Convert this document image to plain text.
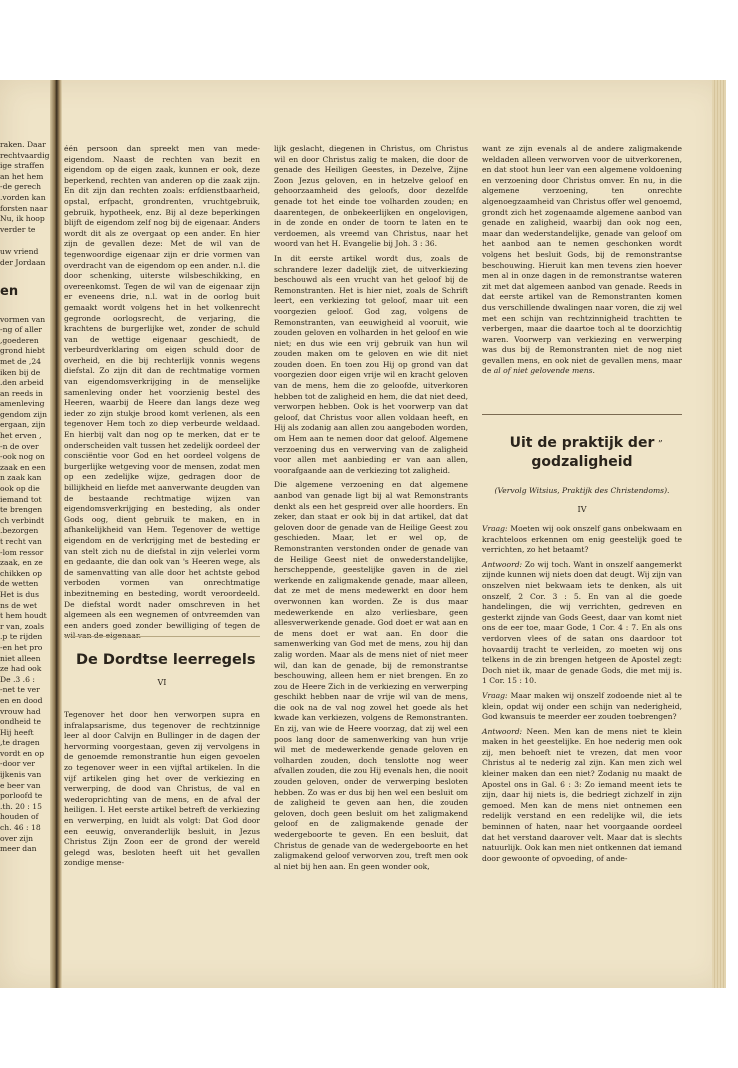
raken. Daar
rechtvaardig
ige straffen
an het hem
de gerech-
vorden kan.
forsten naar
Nu, ik hoop
verder te
uw vriend
der Jordaan
en
vormen van
ng of aller-
goederen,
grond hiebt
24, met de
iken bij de
den arbeid.
an reeds in
amenleving
gendom zijn
ergaan, zijn
, het erven
n de over-
ook nog on-
zaak en een
n zaak kan
ook op die
iemand tot
te brengen
ch verbindt
bezorgen.
t recht van
lom ressor-
zaak, en ze
chikken op
de wetten
Het is dus
ns de wet
t hem houdt
r van, zoals
p te rijden.
en het pro-
niet alleen
ze had ook
: 6. 3. De
net te ver-
en en dood
vrouw had
ondheid te
Hij heeft
te dragen,
vordt en op
door ver-
ijkenis van
e beer van
porloofd te
th. 20 : 15.
houden of
ch. 46 : 18
over zijn
meer dan

één persoon dan spreekt men van mede-eigendom. Naast de rechten van bezit en eigendom op de eigen zaak, kunnen er ook, deze beperkend, rechten van anderen op die zaak zijn. En dit zijn dan rechten zoals: erfdienstbaarheid, opstal, erfpacht, grondrenten, vruchtgebruik, gebruik, hypotheek, enz. Bij al deze beperkingen blijft de eigendom zelf nog bij de eigenaar. Anders wordt dit als ze overgaat op een ander. En hier zijn de gevallen deze: Met de wil van de tegenwoordige eigenaar zijn er drie vormen van overdracht van de eigendom op een ander. n.l. die door schenking, uiterste wilsbeschikking, en overeenkomst. Tegen de wil van de eigenaar zijn er eveneens drie, n.l. wat in de oorlog buit gemaakt wordt volgens het in het volkenrecht gegronde oorlogsrecht, de verjaring, die krachtens de burgerlijke wet, zonder de schuld van de wettige eigenaar geschiedt, de verbeurdverklaring om eigen schuld door de overheid, en die bij rechterlijk vonnis wegens diefstal. Zo zijn dit dan de rechtmatige vormen van eigendomsverkrijging in de menselijke samenleving onder het voorzienig bestel des Heeren, waarbij de Heere dan langs deze weg ieder zo zijn stukje brood komt verlenen, als een tegenover Hem toch zo diep verbeurde weldaad. En hierbij valt dan nog op te merken, dat er te onderscheiden valt tussen het zedelijk oordeel der consciëntie voor God en het oordeel volgens de burgerlijke wetgeving voor de mensen, zodat men op een zedelijke wijze, gedragen door de billijkheid en liefde met aanverwante deugden van de bestaande rechtmatige wijzen van eigendomsverkrijging en besteding, als onder Gods oog, dient gebruik te maken, en in afhankelijkheid van Hem. Tegenover de wettige eigendom en de verkrijging met de besteding er van stelt zich nu de diefstal in zijn velerlei vorm en gedaante, die dan ook van 's Heeren wege, als de samenvatting van alle door het achtste gebod verboden vormen van onrechtmatige inbezitneming en besteding, wordt veroordeeld. De diefstal wordt nader omschreven in het algemeen als een wegnemen of ontvreemden van een anders goed zonder bewilliging of tegen de

De Dordtse leerregels
VI

Tegenover het door hen verworpen supra en infralapsarisme, dus tegenover de rechtzinnige leer al door Calvijn en Bullinger in de dagen der hervorming voorgestaan, geven zij vervolgens in de genoemde remonstrantie hun eigen gevoelen zo tegenover weer in een vijftal artikelen. In die vijf artikelen ging het over de verkiezing en verwerping, de dood van Christus, de val en wederoprichting van de mens, en de afval der heiligen. I. Het eerste artikel betreft de verkiezing en verwerping, en luidt als volgt: Dat God door een eeuwig, onveranderlijk besluit, in Jezus Christus Zijn Zoon eer de grond der wereld gelegd was, besloten heeft uit het gevallen zondige mense-

lijk geslacht, diegenen in Christus, om Christus wil en door Christus zalig te maken, die door de genade des Heiligen Geestes, in Dezelve, Zijne Zoon Jezus geloven, en in hetzelve geloof en gehoorzaamheid des geloofs, door dezelfde genade tot het einde toe volharden zouden; en daarentegen, de onbekeerlijken en ongelovigen, in de zonde en onder de toorn te laten en te verdoemen, als vreemd van Christus, naar het woord van het H. Evangelie bij Joh. 3 : 36.

In dit eerste artikel wordt dus, zoals de schrandere lezer dadelijk ziet, de uitverkiezing beschouwd als een vrucht van het geloof bij de Remonstranten. Het is hier niet, zoals de Schrift leert, een verkiezing tot geloof, maar uit een voorgezien geloof. God zag, volgens de Remonstranten, van eeuwigheid al vooruit, wie zouden geloven en volharden in het geloof en wie niet; en dus wie een vrij gebruik van hun wil zouden maken om te geloven en wie dit niet zouden doen. En toen zou Hij op grond van dat voorgezien door eigen vrije wil en kracht geloven van de mens, hem die zo geloofde, uitverkoren hebben tot de zaligheid en hem, die dat niet deed, verworpen hebben. Ook is het voorwerp van dat geloof, dat Christus voor allen voldaan heeft, en Hij als zodanig aan allen zou aangeboden worden, om Hem aan te nemen door dat geloof. Algemene verzoening dus en verwerving van de zaligheid voor allen met aanbieding er van aan allen, voorafgaande aan de verkiezing tot zaligheid.

Die algemene verzoening en dat algemene aanbod van genade ligt bij al wat Remonstrants denkt als een het gespreid over alle hoorders. En zeker, dan staat er ook bij in dat artikel, dat dat geloven door de genade van de Heilige Geest zou geschieden. Maar, let er wel op, de Remonstranten verstonden onder de genade van de Heilige Geest niet de onwederstandelijke, herscheppende, geestelijke gaven in de ziel werkende en zaligmakende genade, maar alleen, dat ze met de mens medewerkt en door hem overwonnen kan worden. Ze is dus maar medewerkende en alzo verliesbare, geen allesverwerkende genade. God doet er wat aan en de mens doet er wat aan. En door die samenwerking van God met de mens, zou hij dan zalig worden. Maar als de mens niet of niet meer wil, dan kan de genade, bij de remonstrantse beschouwing, alleen hem er niet brengen. En zo zou de Heere Zich in de verkiezing en verwerping geschikt hebben naar de vrije wil van de mens, die ook na de val nog zowel het goede als het kwade kan verkiezen, volgens de Remonstranten. En zij, van wie de Heere voorzag, dat zij wel een poos lang door de samenwerking van hun vrije wil met de medewerkende genade geloven en volharden zouden, doch tenslotte nog weer afvallen zouden, die zou Hij evenals hen, die nooit zouden geloven, onder de verwerping besloten hebben. Zo was er dus bij hen wel een besluit om de zaligheid te geven aan hen, die zouden geloven, doch geen besluit om het zaligmakend geloof en de zaligmakende genade der wedergeboorte te geven. En een besluit, dat Christus de genade van de wedergeboorte en het zaligmakend geloof verworven zou, treft men ook al niet bij hen aan. En geen wonder ook,

want ze zijn evenals al de andere zaligmakende weldaden alleen verworven voor de uitverkorenen, en dat stoot hun leer van een algemene voldoening en verzoening door Christus omver. En nu, in die algemene verzoening, ten onrechte algenoegzaamheid van Christus offer wel genoemd, grondt zich het zogenaamde algemene aanbod van genade en zaligheid, waarbij dan ook nog een, maar dan wederstandelijke, genade van geloof om het aanbod aan te nemen geschonken wordt volgens het besluit Gods, bij de remonstrantse beschouwing. Hieruit kan men tevens zien hoever men al in onze dagen in de remonstrantse wateren zit met dat algemeen aanbod van genade. Reeds in dat eerste artikel van de Remonstranten komen dus verschillende dwalingen naar voren, die zij wel met een schijn van rechtzinnigheid trachtten te verbergen, maar die daartoe toch al te doorzichtig waren. Voorwerp van verkiezing en verwerping was dus bij de Remonstranten niet de nog niet gevallen mens, en ook niet de gevallen mens, maar de al of niet gelovende mens.

Uit de praktijk der godzaligheid
”
(Vervolg Witsius, Praktijk des Christendoms).
IV

Vraag: Moeten wij ook onszelf gans onbekwaam en krachteloos erkennen om enig geestelijk goed te verrichten, zo het betaamt?

Antwoord: Zo wij toch. Want in onszelf aangemerkt zijnde kunnen wij niets doen dat deugt. Wij zijn van onszelven niet bekwaam iets te denken, als uit onszelf, 2 Cor. 3 : 5. En van al die goede handelingen, die wij verrichten, gedreven en gesterkt zijnde van Gods Geest, daar van komt niet ons de eer toe, maar Gode, 1 Cor. 4 : 7. En als ons verdorven vlees of de satan ons daardoor tot hovaardij tracht te verleiden, zo moeten wij ons telkens in de zin brengen hetgeen de Apostel zegt: Doch niet ik, maar de genade Gods, die met mij is. 1 Cor. 15 : 10.

Vraag: Maar maken wij onszelf zodoende niet al te klein, opdat wij onder een schijn van nederigheid, God kwansuis te meerder eer zouden toebrengen?

Antwoord: Neen. Men kan de mens niet te klein maken in het geestelijke. En hoe nederig men ook zij, men behoeft niet te vrezen, dat men voor Christus al te nederig zal zijn. Kan men zich wel kleiner maken dan een niet? Zodanig nu maakt de Apostel ons in Gal. 6 : 3: Zo iemand meent iets te zijn, daar hij niets is, die bedriegt zichzelf in zijn gemoed. Men kan de mens niet ontnemen een redelijk verstand en een redelijke wil, die iets beminnen of haten, naar het voorgaande oordeel dat het verstand daarover velt. Maar dat is slechts natuurlijk. Ook kan men niet ontkennen dat iemand door gewoonte of opvoeding, of ande-
